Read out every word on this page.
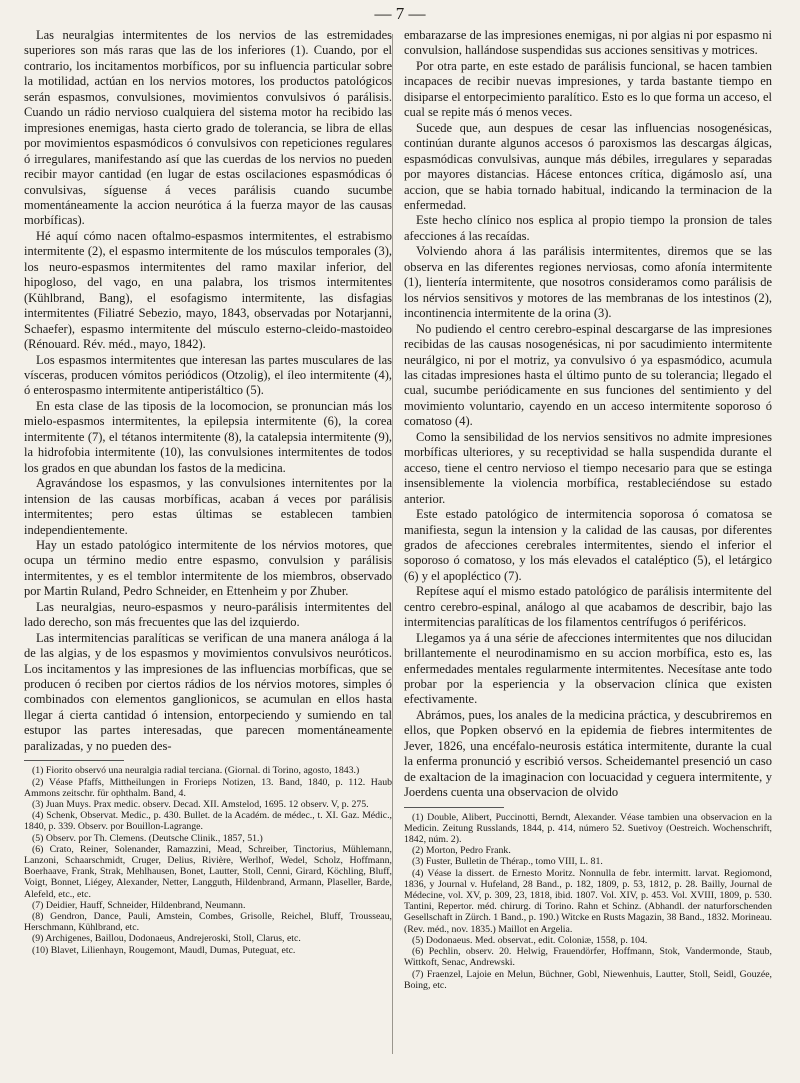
— 7 —

Las neuralgias intermitentes de los nervios de las estremidades superiores son más raras que las de los inferiores (1). Cuando, por el contrario, los incitamentos morbíficos, por su influencia particular sobre la motilidad, actúan en los nervios motores, los productos patológicos serán espasmos, convulsiones, movimientos convulsivos ó parálisis. Cuando un rádio nervioso cualquiera del sistema motor ha recibido las impresiones enemigas, hasta cierto grado de tolerancia, se libra de ellas por movimientos espasmódicos ó convulsivos con repeticiones regulares ó irregulares, manifestando así que las cuerdas de los nervios no pueden recibir mayor cantidad (en lugar de estas oscilaciones espasmódicas ó convulsivas, síguense á veces parálisis cuando sucumbe momentáneamente la accion neurótica á la fuerza mayor de las causas morbíficas).

Hé aquí cómo nacen oftalmo-espasmos intermitentes, el estrabismo intermitente (2), el espasmo intermitente de los músculos temporales (3), los neuro-espasmos intermitentes del ramo maxilar inferior, del hipogloso, del vago, en una palabra, los trismos intermitentes (Kühlbrand, Bang), el esofagismo intermitente, las disfagias intermitentes (Filiatré Sebezio, mayo, 1843, observadas por Notarjanni, Schaefer), espasmo intermitente del músculo esterno-cleido-mastoideo (Rénouard. Rév. méd., mayo, 1842).

Los espasmos intermitentes que interesan las partes musculares de las vísceras, producen vómitos periódicos (Otzolig), el íleo intermitente (4), ó enterospasmo intermitente antiperistáltico (5).

En esta clase de las tiposis de la locomocion, se pronuncian más los mielo-espasmos intermitentes, la epilepsia intermitente (6), la corea intermitente (7), el tétanos intermitente (8), la catalepsia intermitente (9), la hidrofobia intermitente (10), las convulsiones intermitentes de todos los grados en que abundan los fastos de la medicina.

Agravándose los espasmos, y las convulsiones internitentes por la intension de las causas morbíficas, acaban á veces por parálisis intermitentes; pero estas últimas se establecen tambien independientemente.

Hay un estado patológico intermitente de los nérvios motores, que ocupa un término medio entre espasmo, convulsion y parálisis intermitentes, y es el temblor intermitente de los miembros, observado por Martin Ruland, Pedro Schneider, en Ettenheim y por Zhuber.

Las neuralgias, neuro-espasmos y neuro-parálisis intermitentes del lado derecho, son más frecuentes que las del izquierdo.

Las intermitencias paralíticas se verifican de una manera análoga á la de las algias, y de los espasmos y movimientos convulsivos neuróticos. Los incitamentos y las impresiones de las influencias morbíficas, que se producen ó reciben por ciertos rádios de los nérvios motores, simples ó combinados con elementos ganglionicos, se acumulan en ellos hasta llegar á cierta cantidad ó intension, entorpeciendo y sumiendo en tal estupor las partes interesadas, que parecen momentáneamente paralizadas, y no pueden des-

(1) Fiorito observó una neuralgia radial terciana. (Giornal. di Torino, agosto, 1843.)

(2) Véase Pfaffs, Mittheilungen in Frorieps Notizen, 13. Band, 1840, p. 112. Haub Ammons zeitschr. für ophthalm. Band, 4.

(3) Juan Muys. Prax medic. observ. Decad. XII. Amstelod, 1695. 12 observ. V, p. 275.

(4) Schenk, Observat. Medic., p. 430. Bullet. de la Académ. de médec., t. XI. Gaz. Médic., 1840, p. 339. Observ. por Bouillon-Lagrange.

(5) Observ. por Th. Clemens. (Deutsche Clinik., 1857, 51.)

(6) Crato, Reiner, Solenander, Ramazzini, Mead, Schreiber, Tinctorius, Mühlemann, Lanzoni, Schaarschmidt, Cruger, Delius, Rivière, Werlhof, Wedel, Scholz, Hoffmann, Boerhaave, Frank, Strak, Mehlhausen, Bonet, Lautter, Stoll, Cenni, Girard, Köchling, Bluff, Voigt, Bonnet, Liégey, Alexander, Netter, Langguth, Hildenbrand, Armann, Plaseller, Barde, Alefeld, etc., etc.

(7) Deidier, Hauff, Schneider, Hildenbrand, Neumann.

(8) Gendron, Dance, Pauli, Amstein, Combes, Grisolle, Reichel, Bluff, Trousseau, Herschmann, Kühlbrand, etc.

(9) Archigenes, Baillou, Dodonaeus, Andrejeroski, Stoll, Clarus, etc.

(10) Blavet, Lilienhayn, Rougemont, Maudl, Dumas, Puteguat, etc.

embarazarse de las impresiones enemigas, ni por algias ni por espasmo ni convulsion, hallándose suspendidas sus acciones sensitivas y motrices.

Por otra parte, en este estado de parálisis funcional, se hacen tambien incapaces de recibir nuevas impresiones, y tarda bastante tiempo en disiparse el entorpecimiento paralítico. Esto es lo que forma un acceso, el cual se repite más ó menos veces.

Sucede que, aun despues de cesar las influencias nosogenésicas, continúan durante algunos accesos ó paroxismos las descargas álgicas, espasmódicas convulsivas, aunque más débiles, irregulares y separadas por mayores distancias. Hácese entonces crítica, digámoslo así, una accion, que se habia tornado habitual, indicando la terminacion de la enfermedad.

Este hecho clínico nos esplica al propio tiempo la pronsion de tales afecciones á las recaídas.

Volviendo ahora á las parálisis intermitentes, diremos que se las observa en las diferentes regiones nerviosas, como afonía intermitente (1), lientería intermitente, que nosotros consideramos como parálisis de los nérvios sensitivos y motores de las membranas de los intestinos (2), incontinencia intermitente de la orina (3).

No pudiendo el centro cerebro-espinal descargarse de las impresiones recibidas de las causas nosogenésicas, ni por sacudimiento intermitente neurálgico, ni por el motriz, ya convulsivo ó ya espasmódico, acumula las citadas impresiones hasta el último punto de su tolerancia; llegado el cual, sucumbe periódicamente en sus funciones del sentimiento y del movimiento voluntario, cayendo en un acceso intermitente soporoso ó comatoso (4).

Como la sensibilidad de los nervios sensitivos no admite impresiones morbíficas ulteriores, y su receptividad se halla suspendida durante el acceso, tiene el centro nervioso el tiempo necesario para que se estinga insensiblemente la violencia morbífica, restableciéndose su estado anterior.

Este estado patológico de intermitencia soporosa ó comatosa se manifiesta, segun la intension y la calidad de las causas, por diferentes grados de afecciones cerebrales intermitentes, siendo el inferior el soporoso ó comatoso, y los más elevados el cataléptico (5), el letárgico (6) y el apopléctico (7).

Repítese aquí el mismo estado patológico de parálisis intermitente del centro cerebro-espinal, análogo al que acabamos de describir, bajo las intermitencias paralíticas de los filamentos centrífugos ó periféricos.

Llegamos ya á una série de afecciones intermitentes que nos dilucidan brillantemente el neurodinamismo en su accion morbífica, esto es, las enfermedades mentales regularmente intermitentes. Necesítase ante todo probar por la esperiencia y la observacion clínica que existen efectivamente.

Abrámos, pues, los anales de la medicina práctica, y descubriremos en ellos, que Popken observó en la epidemia de fiebres intermitentes de Jever, 1826, una encéfalo-neurosis estática intermitente, durante la cual la enferma pronunció y escribió versos. Scheidemantel presenció un caso de exaltacion de la imaginacion con locuacidad y ceguera intermitente, y Joerdens cuenta una observacion de olvido

(1) Double, Alibert, Puccinotti, Berndt, Alexander. Véase tambien una observacion en la Medicin. Zeitung Russlands, 1844, p. 414, número 52. Suetivoy (Oestreich. Wochenschrift, 1842, núm. 2).

(2) Morton, Pedro Frank.

(3) Fuster, Bulletin de Thérap., tomo VIII, L. 81.

(4) Véase la dissert. de Ernesto Moritz. Nonnulla de febr. intermitt. larvat. Regiomond, 1836, y Journal v. Hufeland, 28 Band., p. 182, 1809, p. 53, 1812, p. 28. Bailly, Journal de Médecine, vol. XV, p. 309, 23, 1818, ibid. 1807. Vol. XIV, p. 453. Vol. XVIII, 1809, p. 530. Tantini, Repertor. méd. chirurg. di Torino. Rahn et Schinz. (Abhandl. der naturforschenden Gesellschaft in Zürch. 1 Band., p. 190.) Witcke en Rusts Magazin, 38 Band., 1832. Morineau. (Rev. méd., nov. 1835.) Maillot en Argelia.

(5) Dodonaeus. Med. observat., edit. Coloniæ, 1558, p. 104.

(6) Pechlin, observ. 20. Helwig, Frauendörfer, Hoffmann, Stok, Vandermonde, Staub, Wittkoft, Senac, Andrewski.

(7) Fraenzel, Lajoie en Melun, Büchner, Gobl, Niewenhuis, Lautter, Stoll, Seidl, Gouzée, Boing, etc.
